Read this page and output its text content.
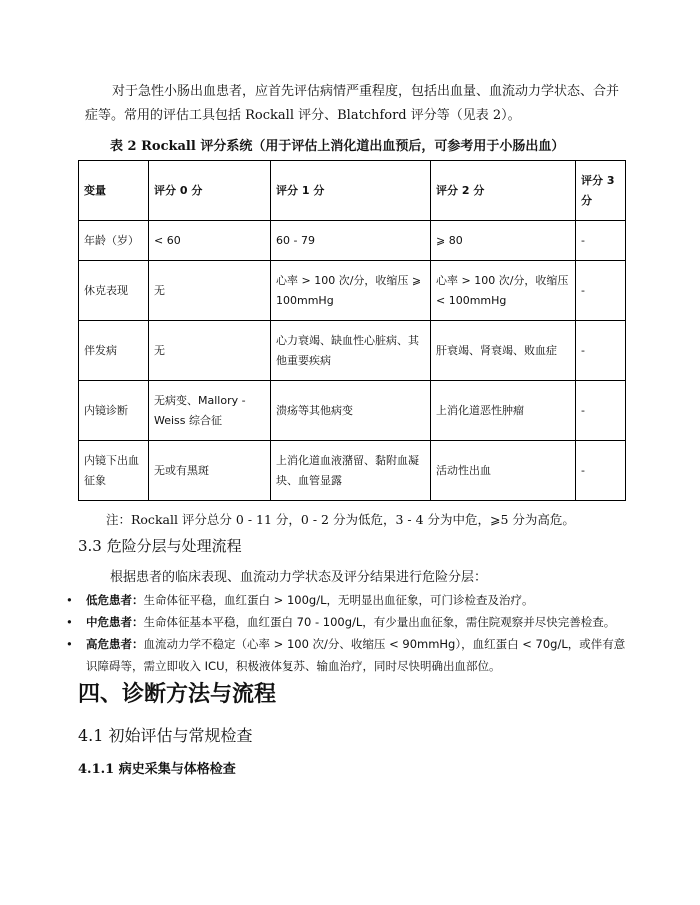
对于急性小肠出血患者，应首先评估病情严重程度，包括出血量、血流动力学状态、合并症等。常用的评估工具包括 Rockall 评分、Blatchford 评分等（见表 2）。

表 2 Rockall 评分系统（用于评估上消化道出血预后，可参考用于小肠出血）

变量	评分 0 分	评分 1 分	评分 2 分	评分 3 分
年龄（岁）	< 60	60 - 79	⩾ 80	-
休克表现	无	心率 > 100 次/分，收缩压 ⩾ 100mmHg	心率 > 100 次/分，收缩压 < 100mmHg	-
伴发病	无	心力衰竭、缺血性心脏病、其他重要疾病	肝衰竭、肾衰竭、败血症	-
内镜诊断	无病变、Mallory - Weiss 综合征	溃疡等其他病变	上消化道恶性肿瘤	-
内镜下出血征象	无或有黑斑	上消化道血液潴留、黏附血凝块、血管显露	活动性出血	-

注：Rockall 评分总分 0 - 11 分，0 - 2 分为低危，3 - 4 分为中危，⩾5 分为高危。

3.3 危险分层与处理流程

根据患者的临床表现、血流动力学状态及评分结果进行危险分层：

• 低危患者：生命体征平稳，血红蛋白 > 100g/L，无明显出血征象，可门诊检查及治疗。
• 中危患者：生命体征基本平稳，血红蛋白 70 - 100g/L，有少量出血征象，需住院观察并尽快完善检查。
• 高危患者：血流动力学不稳定（心率 > 100 次/分、收缩压 < 90mmHg），血红蛋白 < 70g/L，或伴有意识障碍等，需立即收入 ICU，积极液体复苏、输血治疗，同时尽快明确出血部位。
四、诊断方法与流程
4.1 初始评估与常规检查
4.1.1 病史采集与体格检查
